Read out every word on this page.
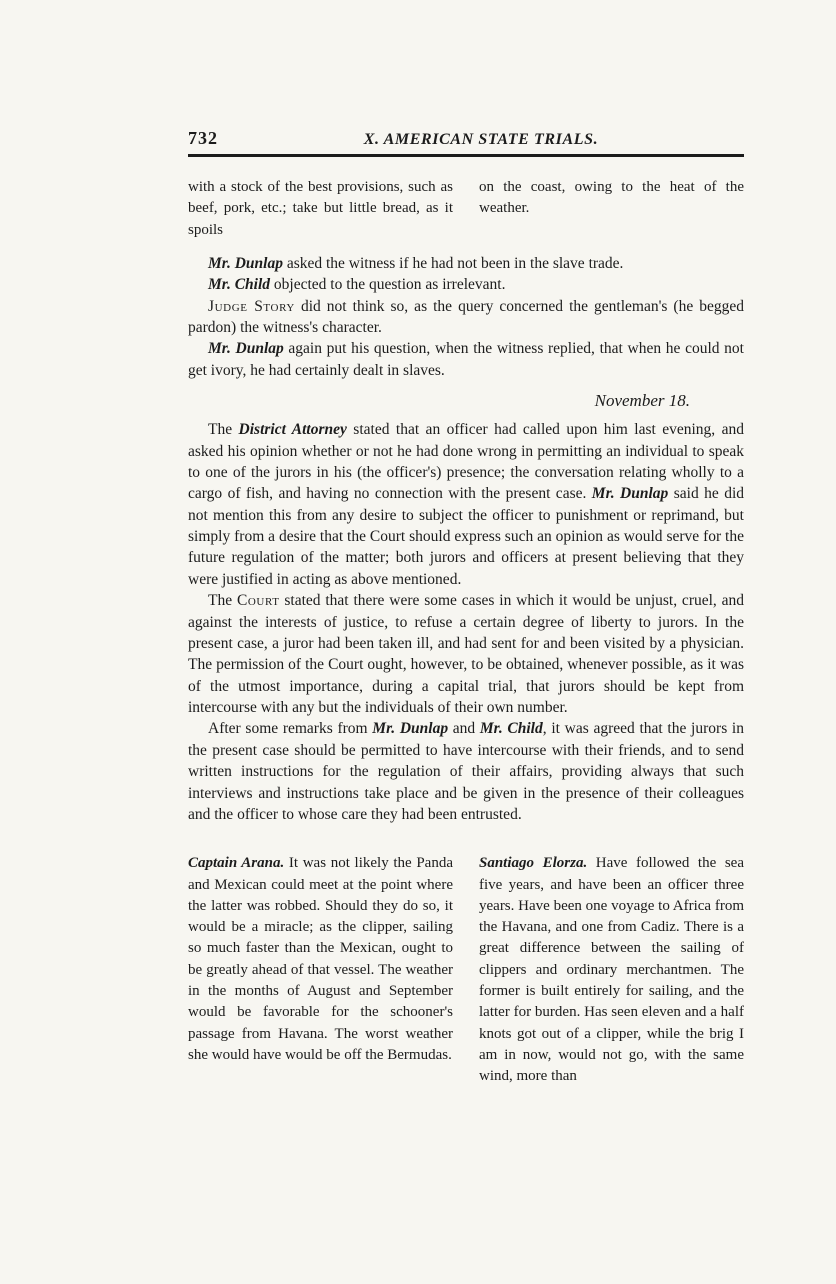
732	X. AMERICAN STATE TRIALS.
with a stock of the best provisions, such as beef, pork, etc.; take but little bread, as it spoils
on the coast, owing to the heat of the weather.

Mr. Dunlap asked the witness if he had not been in the slave trade.

Mr. Child objected to the question as irrelevant.

Judge Story did not think so, as the query concerned the gentleman's (he begged pardon) the witness's character.

Mr. Dunlap again put his question, when the witness replied, that when he could not get ivory, he had certainly dealt in slaves.

November 18.

The District Attorney stated that an officer had called upon him last evening, and asked his opinion whether or not he had done wrong in permitting an individual to speak to one of the jurors in his (the officer's) presence; the conversation relating wholly to a cargo of fish, and having no connection with the present case. Mr. Dunlap said he did not mention this from any desire to subject the officer to punishment or reprimand, but simply from a desire that the Court should express such an opinion as would serve for the future regulation of the matter; both jurors and officers at present believing that they were justified in acting as above mentioned.

The Court stated that there were some cases in which it would be unjust, cruel, and against the interests of justice, to refuse a certain degree of liberty to jurors. In the present case, a juror had been taken ill, and had sent for and been visited by a physician. The permission of the Court ought, however, to be obtained, whenever possible, as it was of the utmost importance, during a capital trial, that jurors should be kept from intercourse with any but the individuals of their own number.

After some remarks from Mr. Dunlap and Mr. Child, it was agreed that the jurors in the present case should be permitted to have intercourse with their friends, and to send written instructions for the regulation of their affairs, providing always that such interviews and instructions take place and be given in the presence of their colleagues and the officer to whose care they had been entrusted.

Captain Arana. It was not likely the Panda and Mexican could meet at the point where the latter was robbed. Should they do so, it would be a miracle; as the clipper, sailing so much faster than the Mexican, ought to be greatly ahead of that vessel. The weather in the months of August and September would be favorable for the schooner's passage from Havana. The worst weather she would have would be off the Bermudas.
Santiago Elorza. Have followed the sea five years, and have been an officer three years. Have been one voyage to Africa from the Havana, and one from Cadiz. There is a great difference between the sailing of clippers and ordinary merchantmen. The former is built entirely for sailing, and the latter for burden. Has seen eleven and a half knots got out of a clipper, while the brig I am in now, would not go, with the same wind, more than
